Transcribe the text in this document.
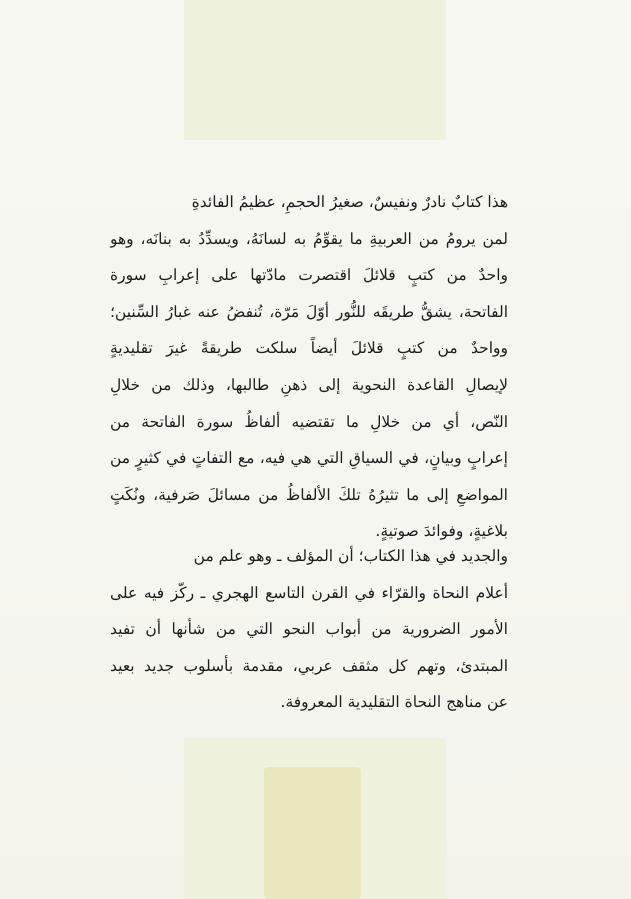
هذا كتابٌ نادرٌ ونفيسٌ، صغيرُ الحجمِ، عظيمُ الفائدةِ
لمن يرومُ من العربيةِ ما يقوِّمُ به لسانَهُ، ويسدِّدُ به بنانَه، وهو
واحدٌ من كتبٍ قلائلَ اقتصرت مادّتها على إعرابِ سورة
الفاتحة، يشقُّ طريقَه للنُّور أوّلَ مَرّة، تُنفضُ عنه غبارُ السِّنين؛
وواحدٌ من كتبٍ قلائلَ أيضاً سلكت طريقةً غيرَ تقليديةٍ
لإيصالِ القاعدة النحوية إلى ذهنِ طالبها، وذلك من خلالِ
النّص، أي من خلالِ ما تقتضيه ألفاظُ سورة الفاتحة من
إعرابٍ وبيانٍ، في السياقِ التي هي فيه، مع التفاتٍ في كثيرٍ من
المواضعِ إلى ما تثيرُهُ تلكَ الألفاظُ من مسائلَ صَرفية، ونُكَتٍ
بلاغيةٍ، وفوائدَ صوتيةٍ.
والجديد في هذا الكتاب؛ أن المؤلف ـ وهو علم من
أعلام النحاة والقرّاء في القرن التاسع الهجري ـ ركّز فيه على
الأمور الضرورية من أبواب النحو التي من شأنها أن تفيد
المبتدئ، وتهم كل مثقف عربي، مقدمة بأسلوب جديد بعيد
عن مناهج النحاة التقليدية المعروفة.
